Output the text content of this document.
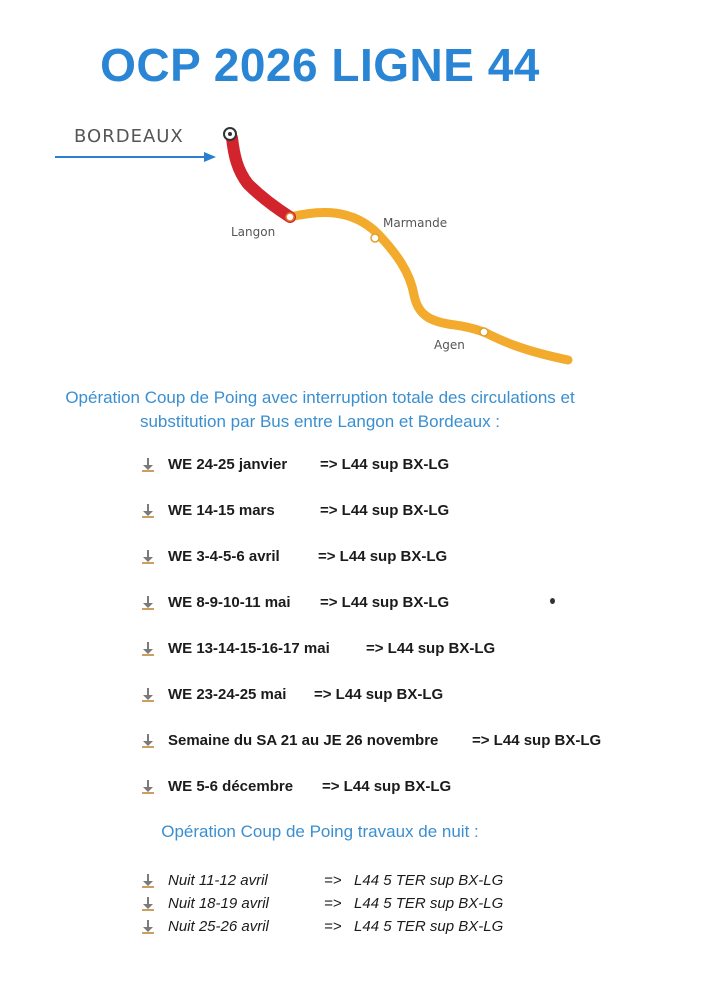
OCP 2026 LIGNE 44
BORDEAUX
Langon
Marmande
Agen

Opération Coup de Poing avec interruption totale des circulations et
substitution par Bus entre Langon et Bordeaux :

WE 24-25 janvier	=> L44 sup BX-LG
WE 14-15 mars	=> L44 sup BX-LG
WE 3-4-5-6 avril	=> L44 sup BX-LG
WE 8-9-10-11 mai	=> L44 sup BX-LG
WE 13-14-15-16-17 mai	=> L44 sup BX-LG
WE 23-24-25 mai	=> L44 sup BX-LG
Semaine du SA 21 au JE 26 novembre	=> L44 sup BX-LG
WE 5-6 décembre	=> L44 sup BX-LG

Opération Coup de Poing travaux de nuit :

Nuit 11-12 avril	=>   L44 5 TER sup BX-LG
Nuit 18-19 avril	=>   L44 5 TER sup BX-LG
Nuit 25-26 avril	=>   L44 5 TER sup BX-LG
